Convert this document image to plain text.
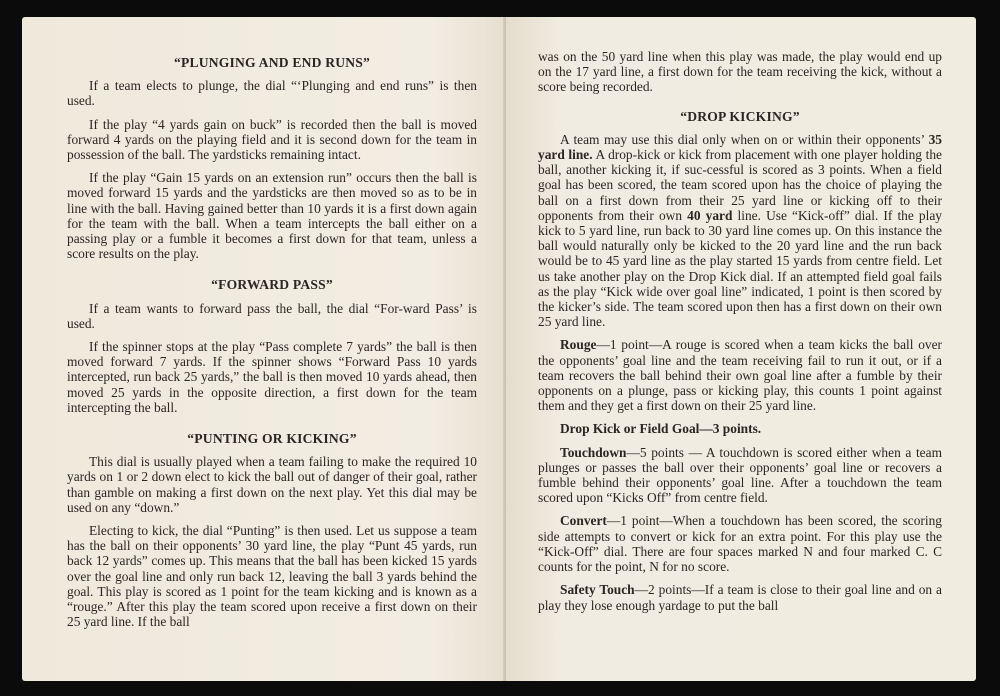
“PLUNGING AND END RUNS”

If a team elects to plunge, the dial “‘Plunging and end runs” is then used.

If the play “4 yards gain on buck” is recorded then the ball is moved forward 4 yards on the playing field and it is second down for the team in possession of the ball. The yardsticks remaining intact.

If the play “Gain 15 yards on an extension run” occurs then the ball is moved forward 15 yards and the yardsticks are then moved so as to be in line with the ball. Having gained better than 10 yards it is a first down again for the team with the ball. When a team intercepts the ball either on a passing play or a fumble it becomes a first down for that team, unless a score results on the play.

“FORWARD PASS”

If a team wants to forward pass the ball, the dial “For-ward Pass’ is used.

If the spinner stops at the play “Pass complete 7 yards” the ball is then moved forward 7 yards. If the spinner shows “Forward Pass 10 yards intercepted, run back 25 yards,” the ball is then moved 10 yards ahead, then moved 25 yards in the opposite direction, a first down for the team intercepting the ball.

“PUNTING OR KICKING”

This dial is usually played when a team failing to make the required 10 yards on 1 or 2 down elect to kick the ball out of danger of their goal, rather than gamble on making a first down on the next play. Yet this dial may be used on any “down.”

Electing to kick, the dial “Punting” is then used. Let us suppose a team has the ball on their opponents’ 30 yard line, the play “Punt 45 yards, run back 12 yards” comes up. This means that the ball has been kicked 15 yards over the goal line and only run back 12, leaving the ball 3 yards behind the goal. This play is scored as 1 point for the team kicking and is known as a “rouge.” After this play the team scored upon receive a first down on their 25 yard line. If the ball

was on the 50 yard line when this play was made, the play would end up on the 17 yard line, a first down for the team receiving the kick, without a score being recorded.

“DROP KICKING”

A team may use this dial only when on or within their opponents’ 35 yard line. A drop-kick or kick from placement with one player holding the ball, another kicking it, if suc-cessful is scored as 3 points. When a field goal has been scored, the team scored upon has the choice of playing the ball on a first down from their 25 yard line or kicking off to their opponents from their own 40 yard line. Use “Kick-off” dial. If the play kick to 5 yard line, run back to 30 yard line comes up. On this instance the ball would naturally only be kicked to the 20 yard line and the run back would be to 45 yard line as the play started 15 yards from centre field. Let us take another play on the Drop Kick dial. If an attempted field goal fails as the play “Kick wide over goal line” indicated, 1 point is then scored by the kicker’s side. The team scored upon then has a first down on their own 25 yard line.

Rouge—1 point—A rouge is scored when a team kicks the ball over the opponents’ goal line and the team receiving fail to run it out, or if a team recovers the ball behind their own goal line after a fumble by their opponents on a plunge, pass or kicking play, this counts 1 point against them and they get a first down on their 25 yard line.

Drop Kick or Field Goal—3 points.

Touchdown—5 points — A touchdown is scored either when a team plunges or passes the ball over their opponents’ goal line or recovers a fumble behind their opponents’ goal line. After a touchdown the team scored upon “Kicks Off” from centre field.

Convert—1 point—When a touchdown has been scored, the scoring side attempts to convert or kick for an extra point. For this play use the “Kick-Off” dial. There are four spaces marked N and four marked C. C counts for the point, N for no score.

Safety Touch—2 points—If a team is close to their goal line and on a play they lose enough yardage to put the ball
